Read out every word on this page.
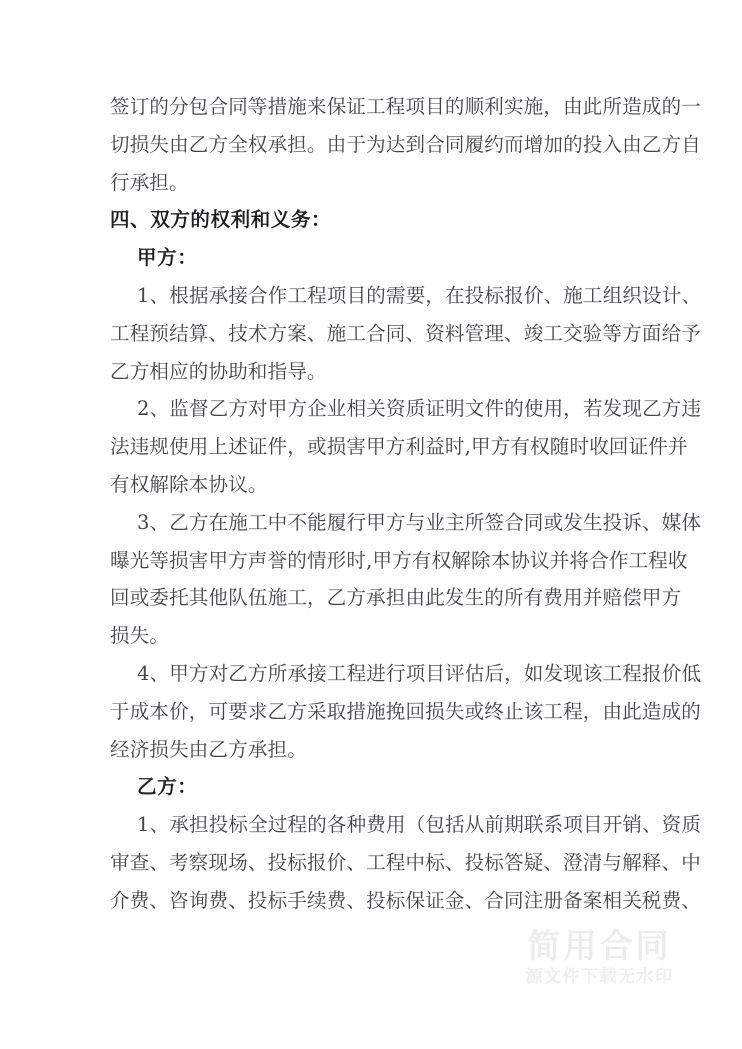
签订的分包合同等措施来保证工程项目的顺利实施，由此所造成的一
切损失由乙方全权承担。由于为达到合同履约而增加的投入由乙方自
行承担。
四、双方的权利和义务：
甲方：
1、根据承接合作工程项目的需要，在投标报价、施工组织设计、
工程预结算、技术方案、施工合同、资料管理、竣工交验等方面给予
乙方相应的协助和指导。
2、监督乙方对甲方企业相关资质证明文件的使用，若发现乙方违
法违规使用上述证件，或损害甲方利益时,甲方有权随时收回证件并
有权解除本协议。
3、乙方在施工中不能履行甲方与业主所签合同或发生投诉、媒体
曝光等损害甲方声誉的情形时,甲方有权解除本协议并将合作工程收
回或委托其他队伍施工，乙方承担由此发生的所有费用并赔偿甲方
损失。
4、甲方对乙方所承接工程进行项目评估后，如发现该工程报价低
于成本价，可要求乙方采取措施挽回损失或终止该工程，由此造成的
经济损失由乙方承担。
乙方：
1、承担投标全过程的各种费用（包括从前期联系项目开销、资质
审查、考察现场、投标报价、工程中标、投标答疑、澄清与解释、中
介费、咨询费、投标手续费、投标保证金、合同注册备案相关税费、
简用合同
源文件下载无水印
